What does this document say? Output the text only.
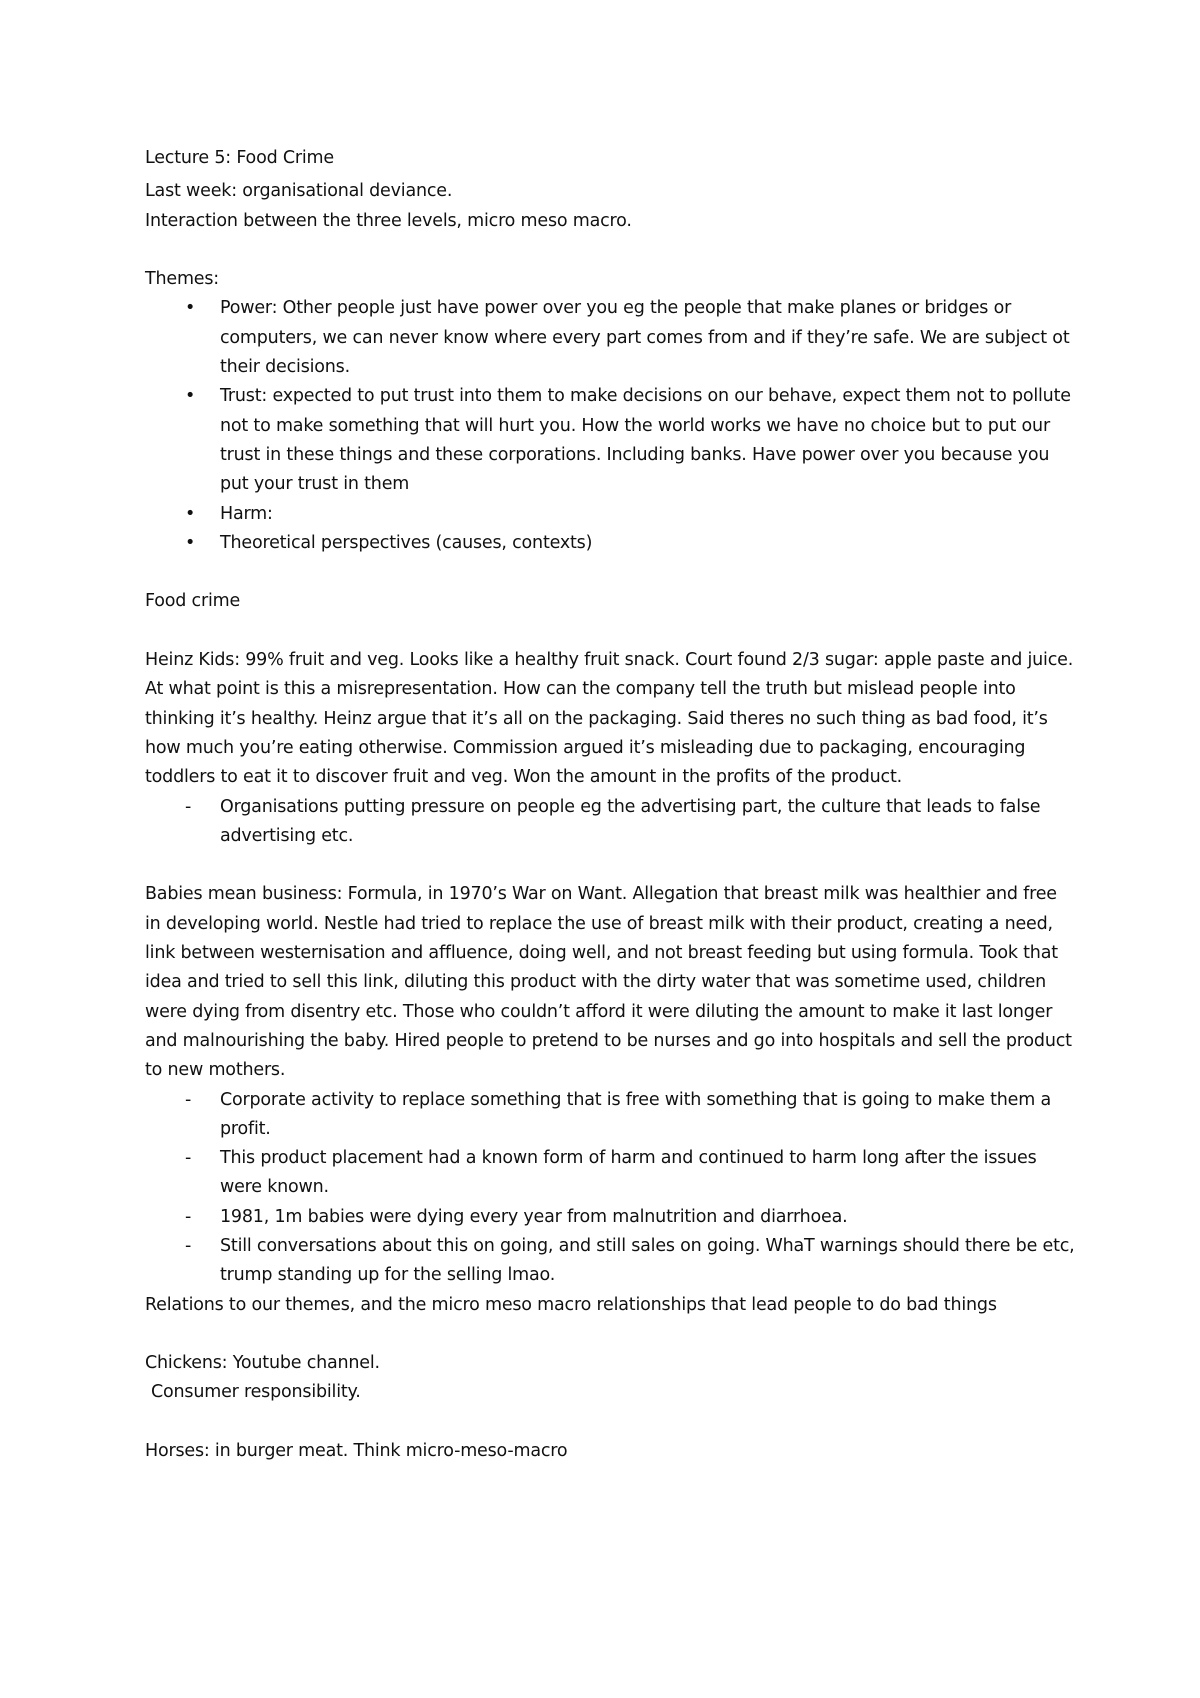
Lecture 5: Food Crime

Last week: organisational deviance.

Interaction between the three levels, micro meso macro.

Themes:

• Power: Other people just have power over you eg the people that make planes or bridges or computers, we can never know where every part comes from and if they’re safe. We are subject ot their decisions.
• Trust: expected to put trust into them to make decisions on our behave, expect them not to pollute not to make something that will hurt you. How the world works we have no choice but to put our trust in these things and these corporations. Including banks. Have power over you because you put your trust in them
• Harm:
• Theoretical perspectives (causes, contexts)

Food crime

Heinz Kids: 99% fruit and veg. Looks like a healthy fruit snack. Court found 2/3 sugar: apple paste and juice. At what point is this a misrepresentation. How can the company tell the truth but mislead people into thinking it’s healthy. Heinz argue that it’s all on the packaging. Said theres no such thing as bad food, it’s how much you’re eating otherwise. Commission argued it’s misleading due to packaging, encouraging toddlers to eat it to discover fruit and veg. Won the amount in the profits of the product.

- Organisations putting pressure on people eg the advertising part, the culture that leads to false advertising etc.

Babies mean business: Formula, in 1970’s War on Want. Allegation that breast milk was healthier and free in developing world. Nestle had tried to replace the use of breast milk with their product, creating a need, link between westernisation and affluence, doing well, and not breast feeding but using formula. Took that idea and tried to sell this link, diluting this product with the dirty water that was sometime used, children were dying from disentry etc. Those who couldn’t afford it were diluting the amount to make it last longer and malnourishing the baby. Hired people to pretend to be nurses and go into hospitals and sell the product to new mothers.

- Corporate activity to replace something that is free with something that is going to make them a profit.
- This product placement had a known form of harm and continued to harm long after the issues were known.
- 1981, 1m babies were dying every year from malnutrition and diarrhoea.
- Still conversations about this on going, and still sales on going. WhaT warnings should there be etc, trump standing up for the selling lmao.

Relations to our themes, and the micro meso macro relationships that lead people to do bad things

Chickens: Youtube channel.

Consumer responsibility.

Horses: in burger meat. Think micro-meso-macro
